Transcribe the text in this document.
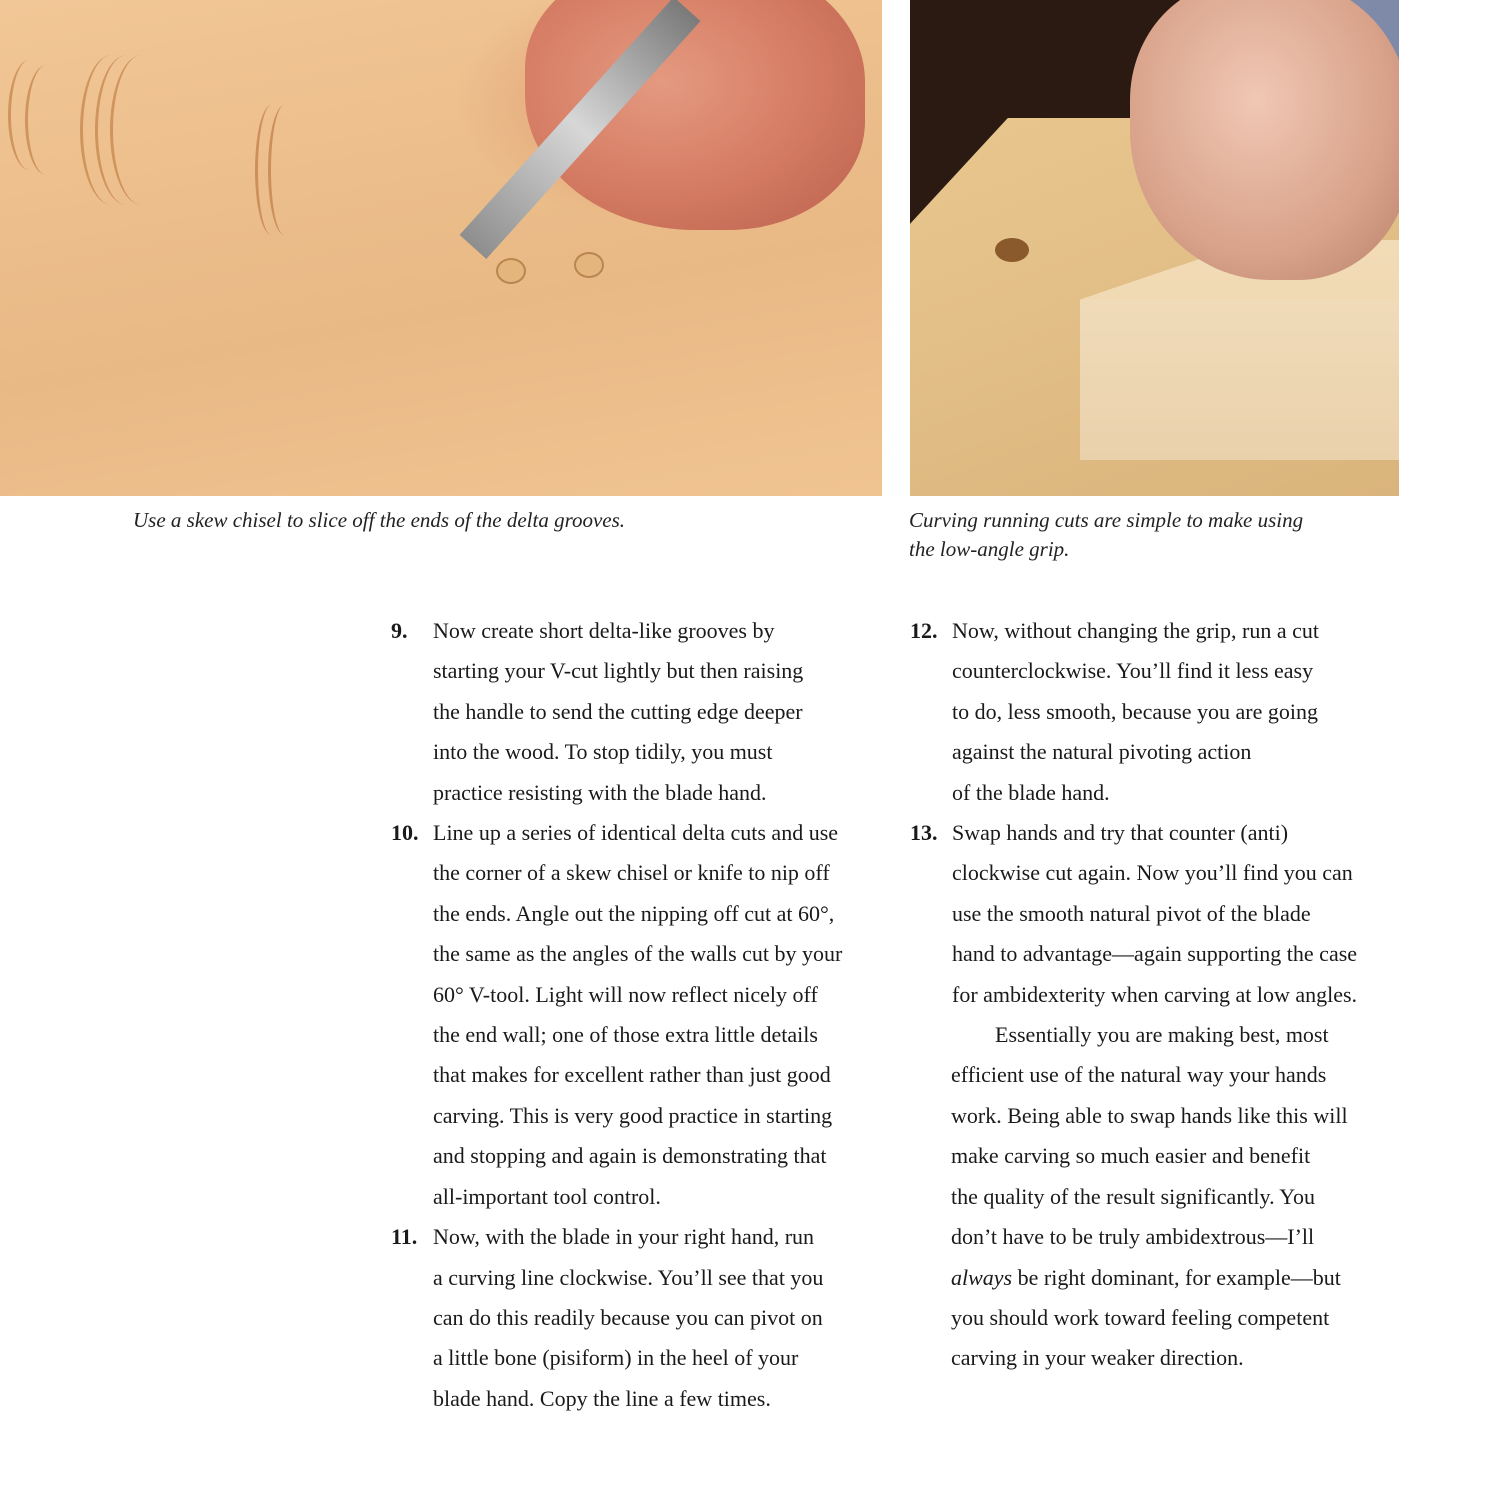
Use a skew chisel to slice off the ends of the delta grooves.	Curving running cuts are simple to make using
the low-angle grip.
9. Now create short delta-like grooves by
starting your V-cut lightly but then raising
the handle to send the cutting edge deeper
into the wood. To stop tidily, you must
practice resisting with the blade hand.
10. Line up a series of identical delta cuts and use
the corner of a skew chisel or knife to nip off
the ends. Angle out the nipping off cut at 60°,
the same as the angles of the walls cut by your
60° V-tool. Light will now reflect nicely off
the end wall; one of those extra little details
that makes for excellent rather than just good
carving. This is very good practice in starting
and stopping and again is demonstrating that
all-important tool control.
11. Now, with the blade in your right hand, run
a curving line clockwise. You’ll see that you
can do this readily because you can pivot on
a little bone (pisiform) in the heel of your
blade hand. Copy the line a few times.
12. Now, without changing the grip, run a cut
counterclockwise. You’ll find it less easy
to do, less smooth, because you are going
against the natural pivoting action
of the blade hand.
13. Swap hands and try that counter (anti)
clockwise cut again. Now you’ll find you can
use the smooth natural pivot of the blade
hand to advantage—again supporting the case
for ambidexterity when carving at low angles.
Essentially you are making best, most
efficient use of the natural way your hands
work. Being able to swap hands like this will
make carving so much easier and benefit
the quality of the result significantly. You
don’t have to be truly ambidextrous—I’ll
always be right dominant, for example—but
you should work toward feeling competent
carving in your weaker direction.
